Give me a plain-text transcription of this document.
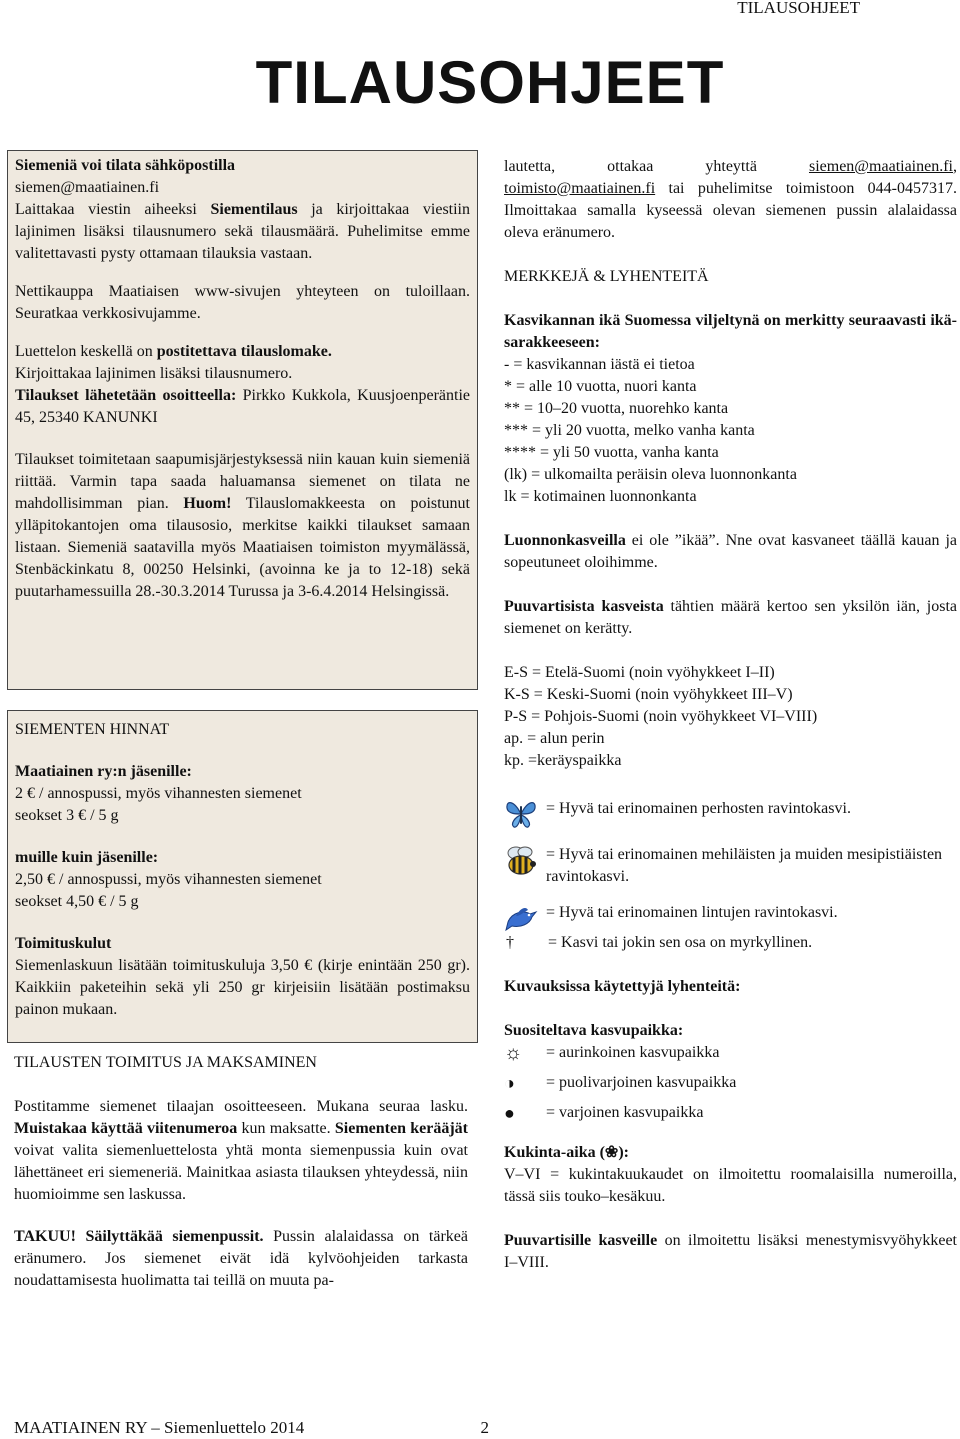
TILAUSOHJEET
TILAUSOHJEET

Siemeniä voi tilata sähköpostilla
siemen@maatiainen.fi
Laittakaa viestin aiheeksi Siementilaus ja kirjoittakaa viestiin lajinimen lisäksi tilausnumero sekä tilausmäärä. Puhelimitse emme valitettavasti pysty ottamaan tilauksia vastaan.

Nettikauppa Maatiaisen www-sivujen yhteyteen on tuloillaan. Seuratkaa verkkosivujamme.

Luettelon keskellä on postitettava tilauslomake.
Kirjoittakaa lajinimen lisäksi tilausnumero.
Tilaukset lähetetään osoitteella: Pirkko Kukkola, Kuusjoenperäntie 45, 25340 KANUNKI

Tilaukset toimitetaan saapumisjärjestyksessä niin kauan kuin siemeniä riittää. Varmin tapa saada haluamansa siemenet on tilata ne mahdollisimman pian. Huom! Tilauslomakkeesta on poistunut ylläpitokantojen oma tilausosio, merkitse kaikki tilaukset samaan listaan. Siemeniä saatavilla myös Maatiaisen toimiston myymälässä, Stenbäckinkatu 8, 00250 Helsinki, (avoinna ke ja to 12-18) sekä puutarhamessuilla 28.-30.3.2014 Turussa ja 3-6.4.2014 Helsingissä.

SIEMENTEN HINNAT

Maatiainen ry:n jäsenille:
2 € / annospussi, myös vihannesten siemenet
seokset 3 € / 5 g

muille kuin jäsenille:
2,50 € / annospussi, myös vihannesten siemenet
seokset 4,50 € / 5 g

Toimituskulut
Siemenlaskuun lisätään toimituskuluja 3,50 € (kirje enintään 250 gr). Kaikkiin paketeihin sekä yli 250 gr kirjeisiin lisätään postimaksu painon mukaan.

TILAUSTEN TOIMITUS JA MAKSAMINEN

Postitamme siemenet tilaajan osoitteeseen. Mukana seuraa lasku. Muistakaa käyttää viitenumeroa kun maksatte. Siementen kerääjät voivat valita siemenluettelosta yhtä monta siemenpussia kuin ovat lähettäneet eri siemeneriä. Mainitkaa asiasta tilauksen yhteydessä, niin huomioimme sen laskussa.

TAKUU! Säilyttäkää siemenpussit. Pussin alalaidassa on tärkeä eränumero. Jos siemenet eivät idä kylvöohjeiden tarkasta noudattamisesta huolimatta tai teillä on muuta pa-

lautetta, ottakaa yhteyttä siemen@maatiainen.fi, toimisto@maatiainen.fi tai puhelimitse toimistoon 044-0457317. Ilmoittakaa samalla kyseessä olevan siemenen pussin alalaidassa oleva eränumero.

MERKKEJÄ & LYHENTEITÄ

Kasvikannan ikä Suomessa viljeltynä on merkitty seuraavasti ikä-sarakkeeseen:

- = kasvikannan iästä ei tietoa
* = alle 10 vuotta, nuori kanta
** = 10–20 vuotta, nuorehko kanta
*** = yli 20 vuotta, melko vanha kanta
**** = yli 50 vuotta, vanha kanta
(lk) = ulkomailta peräisin oleva luonnonkanta
lk = kotimainen luonnonkanta

Luonnonkasveilla ei ole ”ikää”. Nne ovat kasvaneet täällä kauan ja sopeutuneet oloihimme.

Puuvartisista kasveista tähtien määrä kertoo sen yksilön iän, josta siemenet on kerätty.

E-S = Etelä-Suomi (noin vyöhykkeet I–II)
K-S = Keski-Suomi (noin vyöhykkeet III–V)
P-S = Pohjois-Suomi (noin vyöhykkeet VI–VIII)
ap. = alun perin
kp. =keräyspaikka
= Hyvä tai erinomainen perhosten ravintokasvi.
= Hyvä tai erinomainen mehiläisten ja muiden mesipistiäisten ravintokasvi.
= Hyvä tai erinomainen lintujen ravintokasvi.
†	= Kasvi tai jokin sen osa on myrkyllinen.

Kuvauksissa käytettyjä lyhenteitä:

Suositeltava kasvupaikka:

☼	= aurinkoinen kasvupaikka
◑	= puolivarjoinen kasvupaikka
●	= varjoinen kasvupaikka

Kukinta-aika (❀):

V–VI = kukintakuukaudet on ilmoitettu roomalaisilla numeroilla, tässä siis touko–kesäkuu.

Puuvartisille kasveille on ilmoitettu lisäksi menestymisvyöhykkeet I–VIII.

MAATIAINEN RY – Siemenluettelo 2014	2
